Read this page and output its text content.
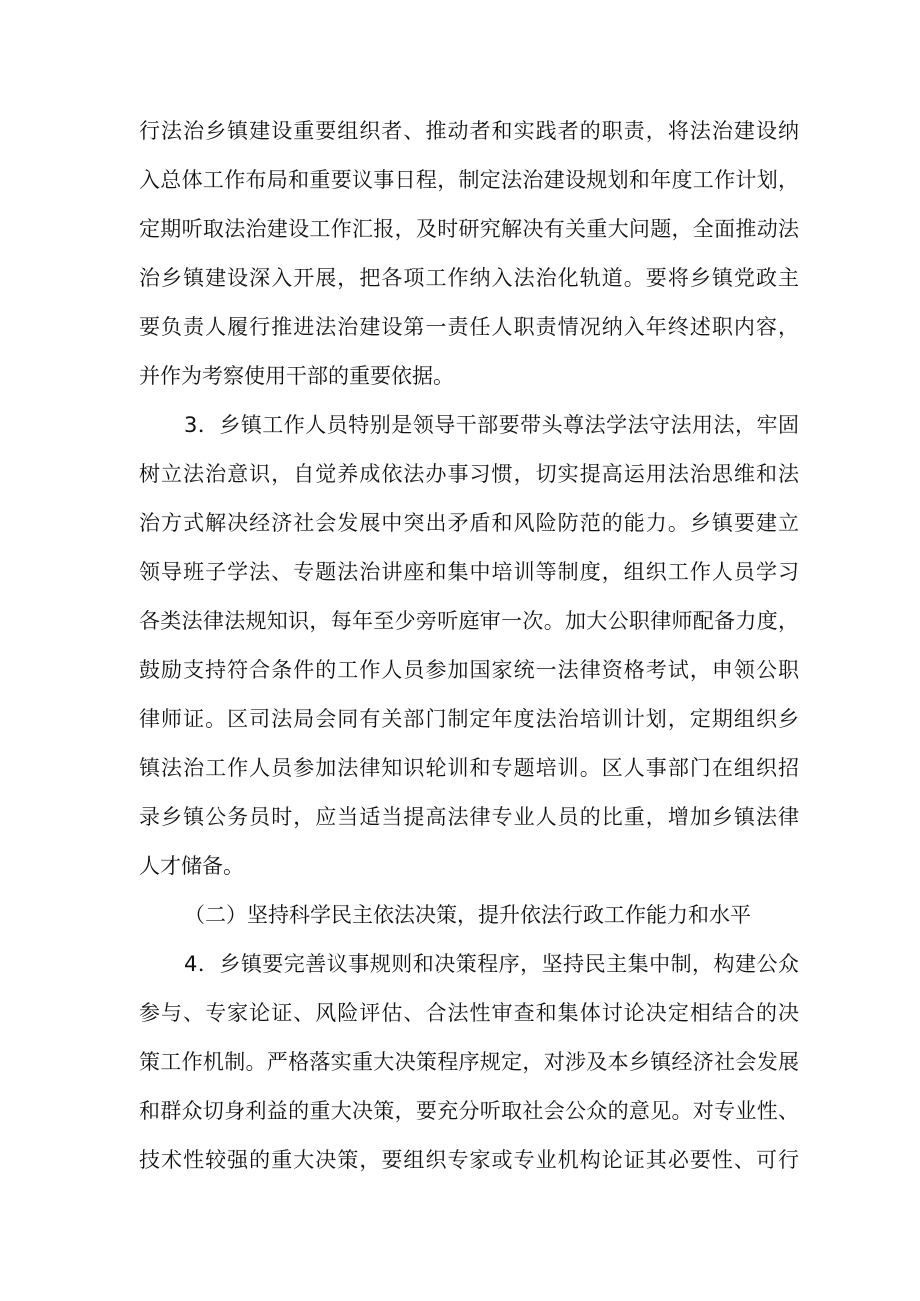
行法治乡镇建设重要组织者、推动者和实践者的职责，将法治建设纳
入总体工作布局和重要议事日程，制定法治建设规划和年度工作计划，
定期听取法治建设工作汇报，及时研究解决有关重大问题，全面推动法
治乡镇建设深入开展，把各项工作纳入法治化轨道。要将乡镇党政主
要负责人履行推进法治建设第一责任人职责情况纳入年终述职内容，
并作为考察使用干部的重要依据。
3．乡镇工作人员特别是领导干部要带头尊法学法守法用法，牢固
树立法治意识，自觉养成依法办事习惯，切实提高运用法治思维和法
治方式解决经济社会发展中突出矛盾和风险防范的能力。乡镇要建立
领导班子学法、专题法治讲座和集中培训等制度，组织工作人员学习
各类法律法规知识，每年至少旁听庭审一次。加大公职律师配备力度，
鼓励支持符合条件的工作人员参加国家统一法律资格考试，申领公职
律师证。区司法局会同有关部门制定年度法治培训计划，定期组织乡
镇法治工作人员参加法律知识轮训和专题培训。区人事部门在组织招
录乡镇公务员时，应当适当提高法律专业人员的比重，增加乡镇法律
人才储备。
（二）坚持科学民主依法决策，提升依法行政工作能力和水平
4．乡镇要完善议事规则和决策程序，坚持民主集中制，构建公众
参与、专家论证、风险评估、合法性审查和集体讨论决定相结合的决
策工作机制。严格落实重大决策程序规定，对涉及本乡镇经济社会发展
和群众切身利益的重大决策，要充分听取社会公众的意见。对专业性、
技术性较强的重大决策，要组织专家或专业机构论证其必要性、可行
